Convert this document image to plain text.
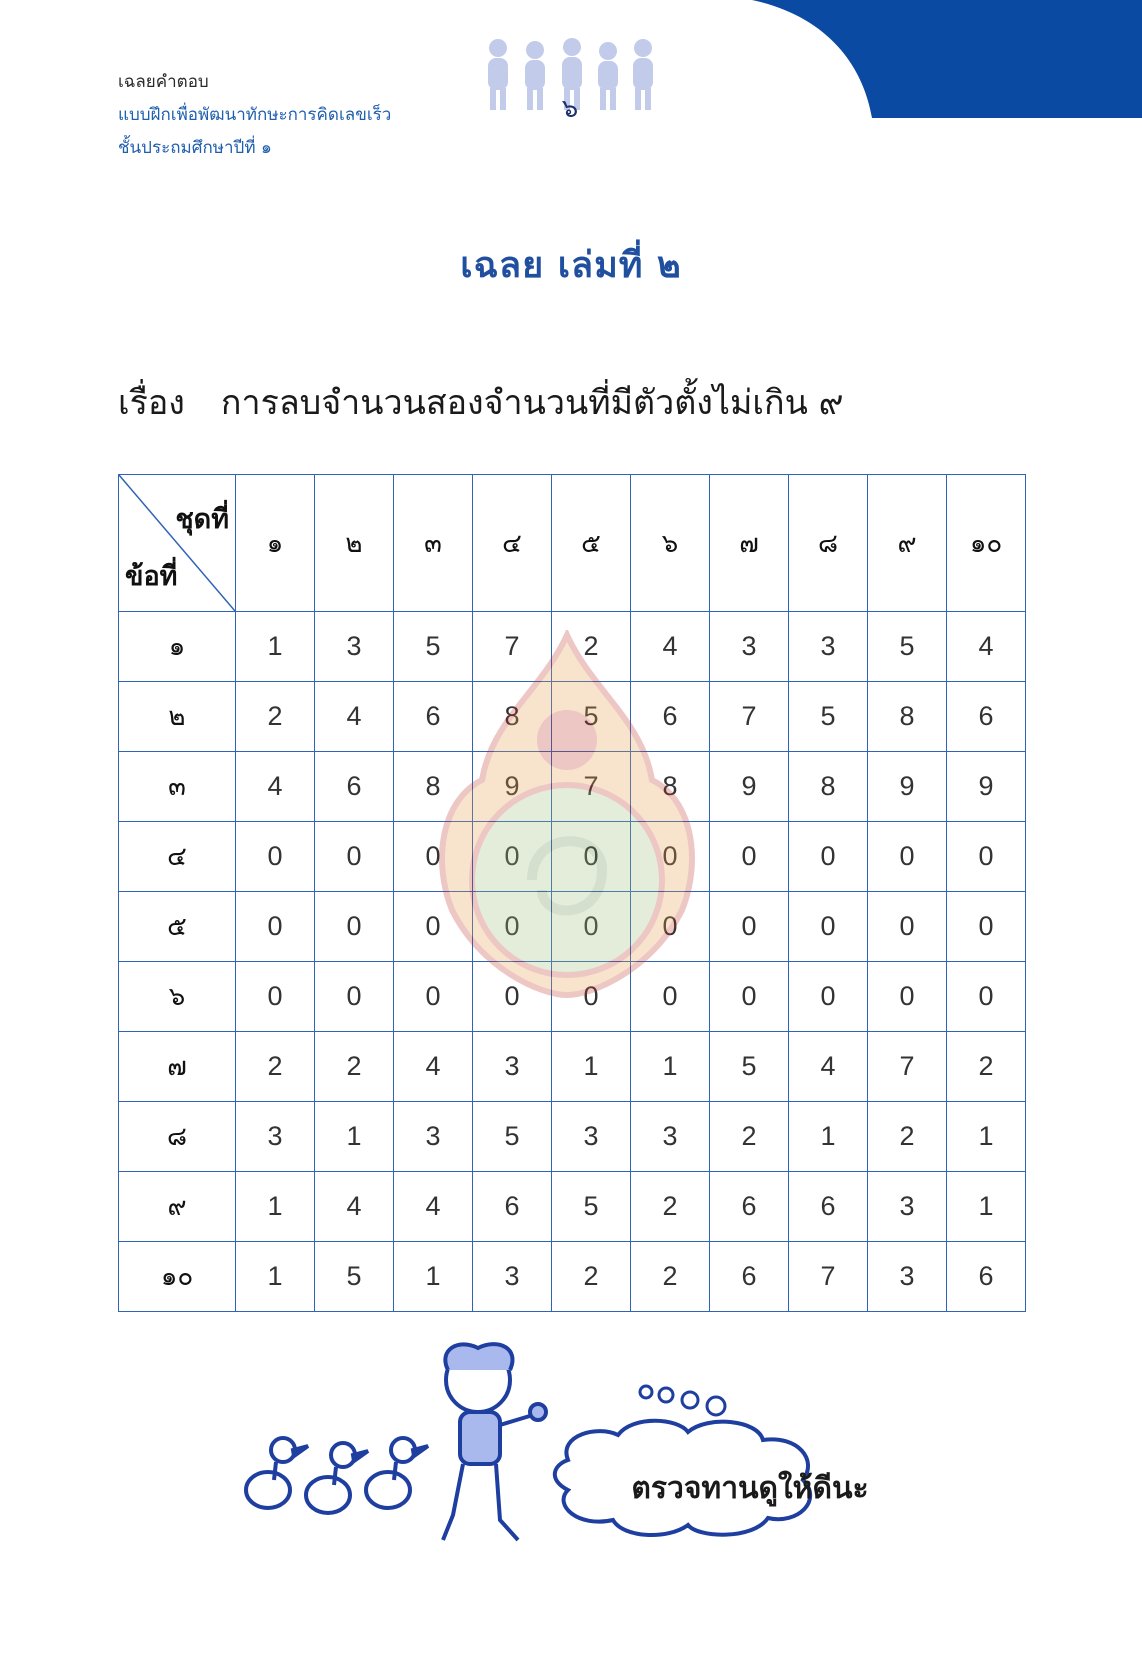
เฉลยคำตอบ
แบบฝึกเพื่อพัฒนาทักษะการคิดเลขเร็ว
ชั้นประถมศึกษาปีที่ ๑
๖
เฉลย เล่มที่ ๒
เรื่อง การลบจำนวนสองจำนวนที่มีตัวตั้งไม่เกิน ๙
ชุดที่
ข้อที่	๑	๒	๓	๔	๕	๖	๗	๘	๙	๑๐
๑	1	3	5	7	2	4	3	3	5	4
๒	2	4	6	8	5	6	7	5	8	6
๓	4	6	8	9	7	8	9	8	9	9
๔	0	0	0	0	0	0	0	0	0	0
๕	0	0	0	0	0	0	0	0	0	0
๖	0	0	0	0	0	0	0	0	0	0
๗	2	2	4	3	1	1	5	4	7	2
๘	3	1	3	5	3	3	2	1	2	1
๙	1	4	4	6	5	2	6	6	3	1
๑๐	1	5	1	3	2	2	6	7	3	6
ตรวจทานดูให้ดีนะ
